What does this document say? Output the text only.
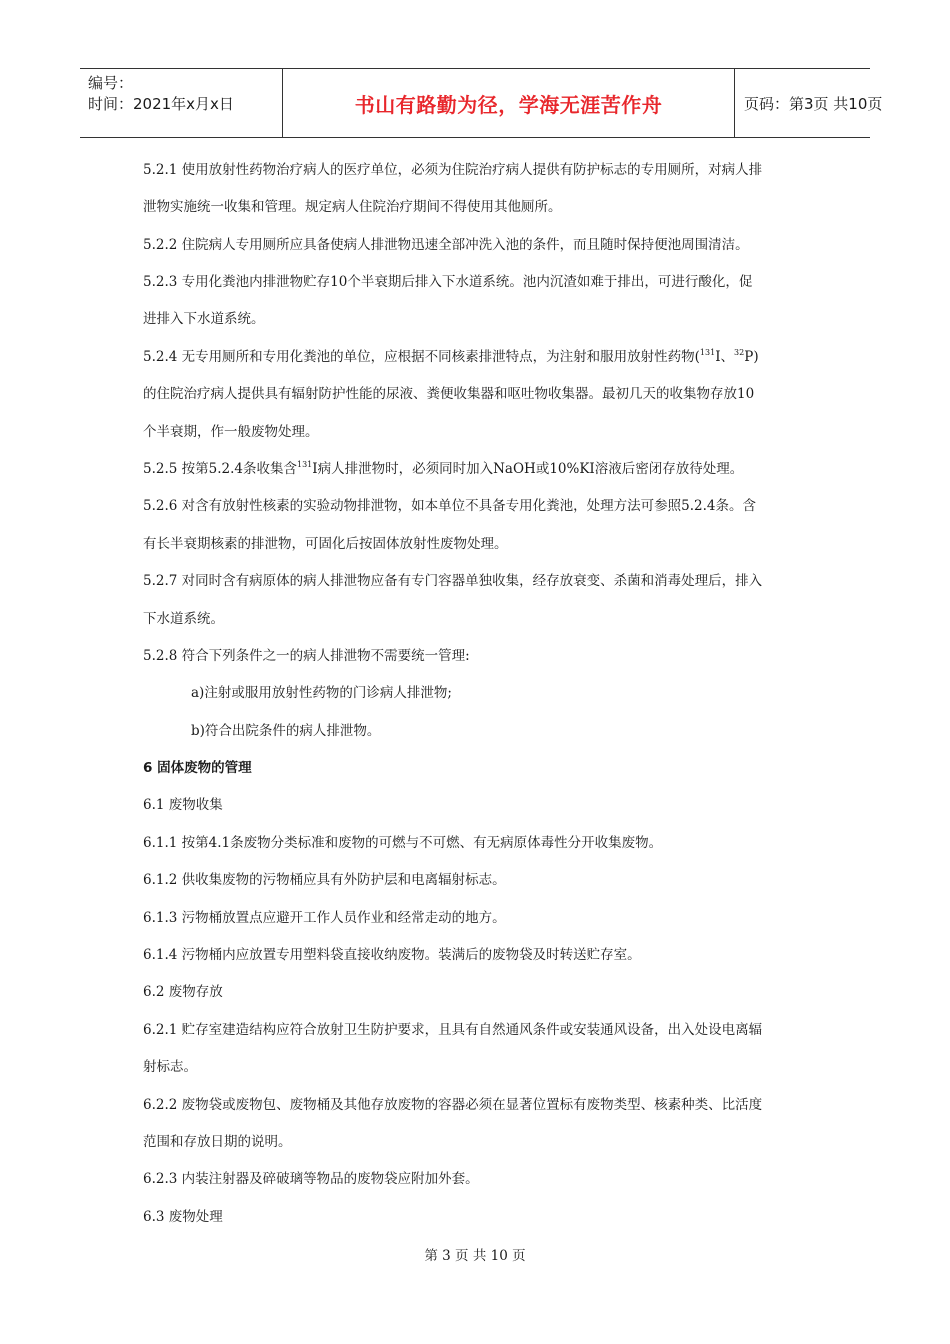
编号：
时间：2021年x月x日	书山有路勤为径，学海无涯苦作舟	页码：第3页 共10页
5.2.1 使用放射性药物治疗病人的医疗单位，必须为住院治疗病人提供有防护标志的专用厕所，对病人排
泄物实施统一收集和管理。规定病人住院治疗期间不得使用其他厕所。
5.2.2 住院病人专用厕所应具备使病人排泄物迅速全部冲洗入池的条件，而且随时保持便池周围清洁。
5.2.3 专用化粪池内排泄物贮存10个半衰期后排入下水道系统。池内沉渣如难于排出，可进行酸化，促
进排入下水道系统。
5.2.4 无专用厕所和专用化粪池的单位，应根据不同核素排泄特点，为注射和服用放射性药物($^{131}$I、$^{32}$P)
的住院治疗病人提供具有辐射防护性能的尿液、粪便收集器和呕吐物收集器。最初几天的收集物存放10
个半衰期，作一般废物处理。
5.2.5 按第5.2.4条收集含$^{131}$I病人排泄物时，必须同时加入NaOH或10%KI溶液后密闭存放待处理。
5.2.6 对含有放射性核素的实验动物排泄物，如本单位不具备专用化粪池，处理方法可参照5.2.4条。含
有长半衰期核素的排泄物，可固化后按固体放射性废物处理。
5.2.7 对同时含有病原体的病人排泄物应备有专门容器单独收集，经存放衰变、杀菌和消毒处理后，排入
下水道系统。
5.2.8 符合下列条件之一的病人排泄物不需要统一管理:
a)注射或服用放射性药物的门诊病人排泄物;
b)符合出院条件的病人排泄物。
6 固体废物的管理
6.1 废物收集
6.1.1 按第4.1条废物分类标准和废物的可燃与不可燃、有无病原体毒性分开收集废物。
6.1.2 供收集废物的污物桶应具有外防护层和电离辐射标志。
6.1.3 污物桶放置点应避开工作人员作业和经常走动的地方。
6.1.4 污物桶内应放置专用塑料袋直接收纳废物。装满后的废物袋及时转送贮存室。
6.2 废物存放
6.2.1 贮存室建造结构应符合放射卫生防护要求，且具有自然通风条件或安装通风设备，出入处设电离辐
射标志。
6.2.2 废物袋或废物包、废物桶及其他存放废物的容器必须在显著位置标有废物类型、核素种类、比活度
范围和存放日期的说明。
6.2.3 内装注射器及碎破璃等物品的废物袋应附加外套。
6.3 废物处理
第 3 页 共 10 页
